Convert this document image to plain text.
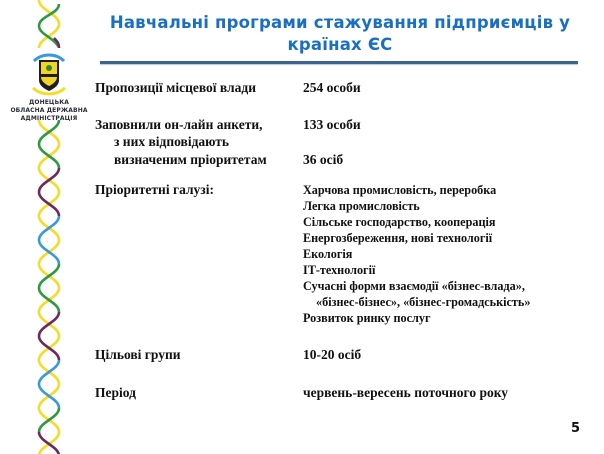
ДОНЕЦЬКА
ОБЛАСНА ДЕРЖАВНА
АДМІНІСТРАЦІЯ
Навчальні програми стажування підприємців у
країнах ЄС
Пропозиції місцевої влади	254 особи
Заповнили он-лайн анкети,	133 особи
з них відповідають
визначеним пріоритетам	36 осіб
Пріоритетні галузі:	Харчова промисловість, переробка
Легка промисловість
Сільське господарство, кооперація
Енергозбереження, нові технології
Екологія
ІТ-технології
Сучасні форми взаємодії «бізнес-влада»,
«бізнес-бізнес», «бізнес-громадськість»
Розвиток ринку послуг
Цільові групи	10-20 осіб
Період	червень-вересень поточного року
5
